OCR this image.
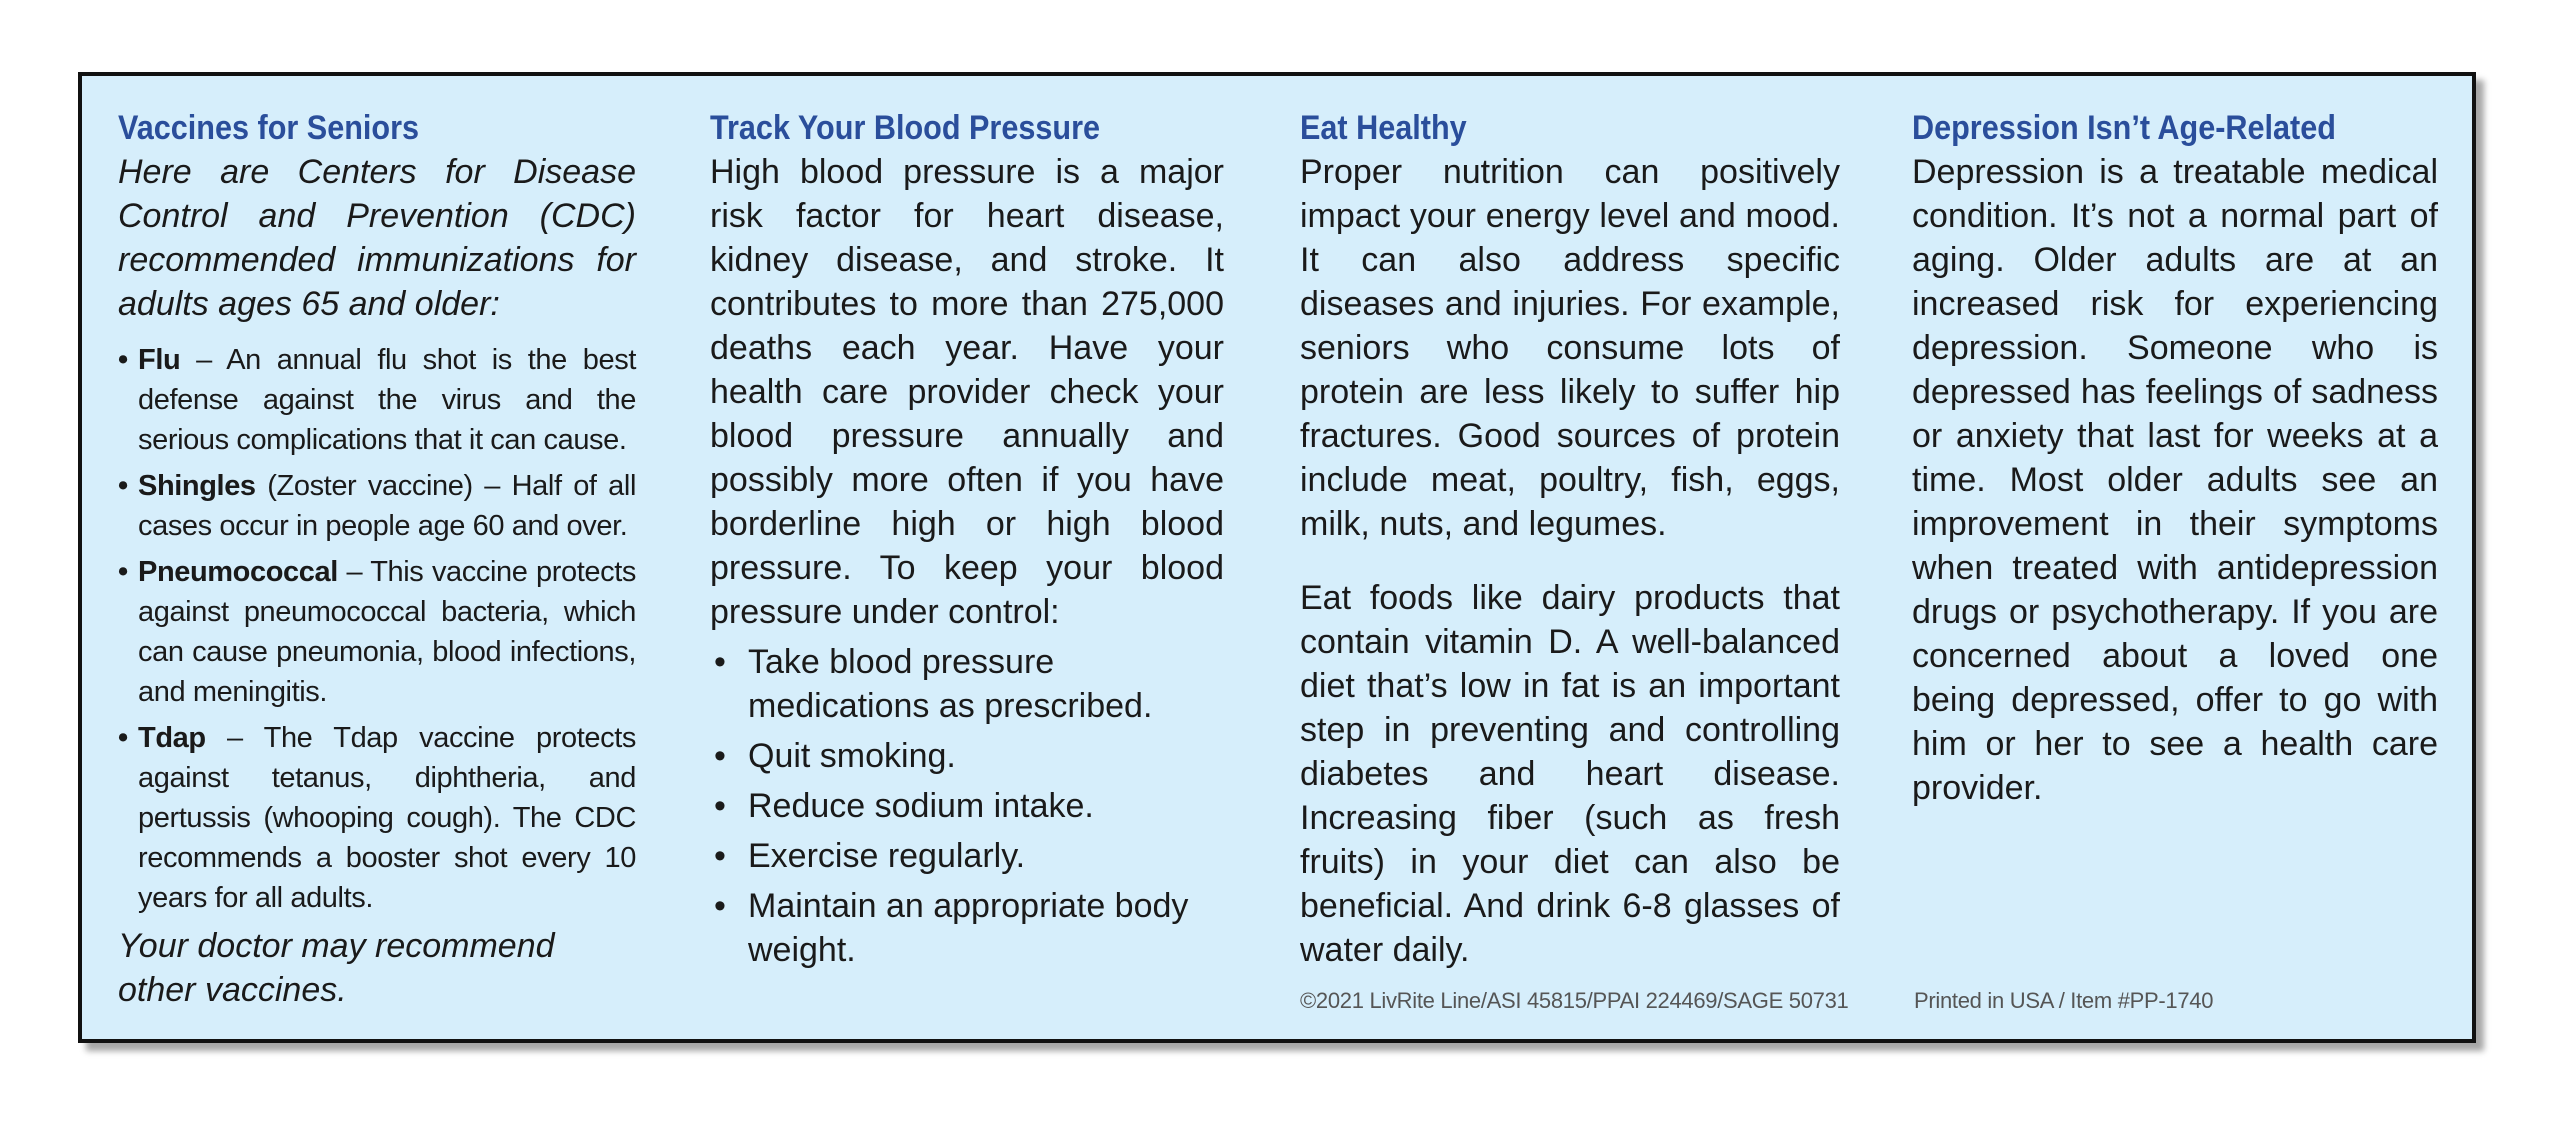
Vaccines for Seniors

Here are Centers for Disease Control and Prevention (CDC) recommended immunizations for adults ages 65 and older:

• Flu – An annual flu shot is the best defense against the virus and the serious complications that it can cause.
• Shingles (Zoster vaccine) – Half of all cases occur in people age 60 and over.
• Pneumococcal – This vaccine protects against pneumococcal bacteria, which can cause pneumonia, blood infections, and meningitis.
• Tdap – The Tdap vaccine protects against tetanus, diphtheria, and pertussis (whooping cough). The CDC recommends a booster shot every 10 years for all adults.

Your doctor may recommend other vaccines.

Track Your Blood Pressure

High blood pressure is a major risk factor for heart disease, kidney disease, and stroke. It contributes to more than 275,000 deaths each year. Have your health care provider check your blood pressure annually and possibly more often if you have borderline high or high blood pressure. To keep your blood pressure under control:

• Take blood pressure medications as prescribed.
• Quit smoking.
• Reduce sodium intake.
• Exercise regularly.
• Maintain an appropriate body weight.
Eat Healthy

Proper nutrition can positively impact your energy level and mood. It can also address specific diseases and injuries. For example, seniors who consume lots of protein are less likely to suffer hip fractures. Good sources of protein include meat, poultry, fish, eggs, milk, nuts, and legumes.

Eat foods like dairy products that contain vitamin D. A well-balanced diet that’s low in fat is an important step in preventing and controlling diabetes and heart disease. Increasing fiber (such as fresh fruits) in your diet can also be beneficial. And drink 6-8 glasses of water daily.

Depression Isn’t Age-Related

Depression is a treatable medical condition. It’s not a normal part of aging. Older adults are at an increased risk for experiencing depression. Someone who is depressed has feelings of sadness or anxiety that last for weeks at a time. Most older adults see an improvement in their symptoms when treated with antidepression drugs or psychotherapy. If you are concerned about a loved one being depressed, offer to go with him or her to see a health care provider.

©2021 LivRite Line/ASI 45815/PPAI 224469/SAGE 50731	Printed in USA / Item #PP-1740
